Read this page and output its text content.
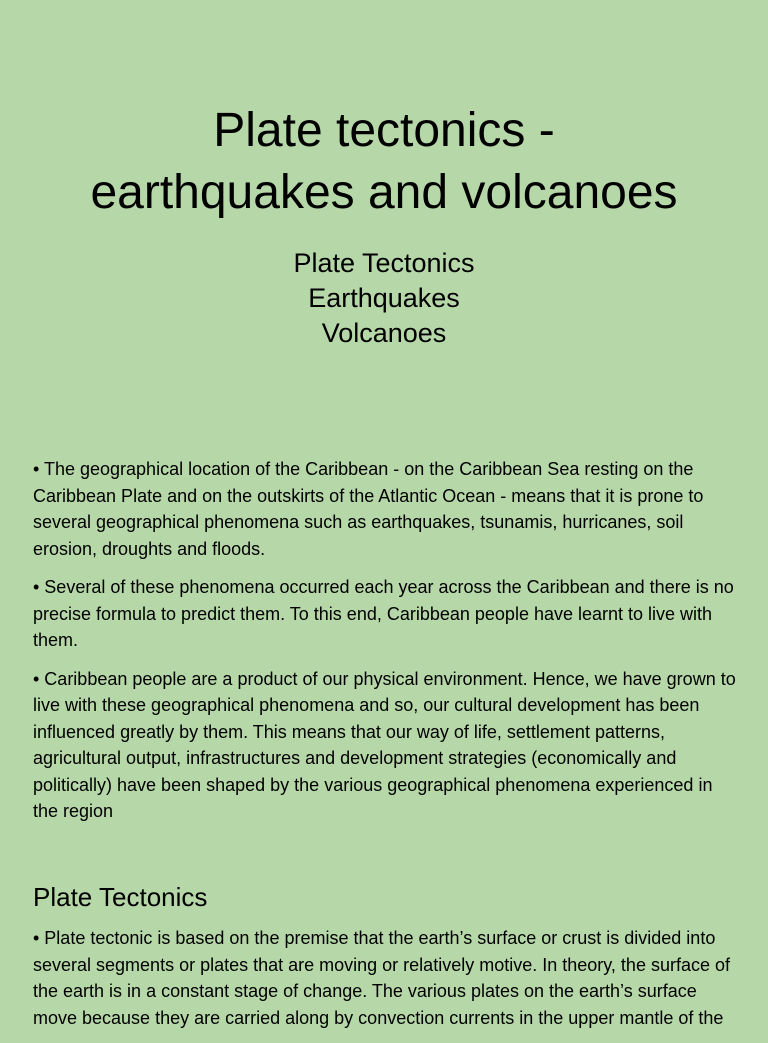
Plate tectonics -
earthquakes and volcanoes
Plate Tectonics
Earthquakes
Volcanoes

• The geographical location of the Caribbean - on the Caribbean Sea resting on the Caribbean Plate and on the outskirts of the Atlantic Ocean - means that it is prone to several geographical phenomena such as earthquakes, tsunamis, hurricanes, soil erosion, droughts and floods.

• Several of these phenomena occurred each year across the Caribbean and there is no precise formula to predict them. To this end, Caribbean people have learnt to live with them.

• Caribbean people are a product of our physical environment. Hence, we have grown to live with these geographical phenomena and so, our cultural development has been influenced greatly by them. This means that our way of life, settlement patterns, agricultural output, infrastructures and development strategies (economically and politically) have been shaped by the various geographical phenomena experienced in the region

Plate Tectonics

• Plate tectonic is based on the premise that the earth’s surface or crust is divided into several segments or plates that are moving or relatively motive. In theory, the surface of the earth is in a constant stage of change. The various plates on the earth’s surface move because they are carried along by convection currents in the upper mantle of the
